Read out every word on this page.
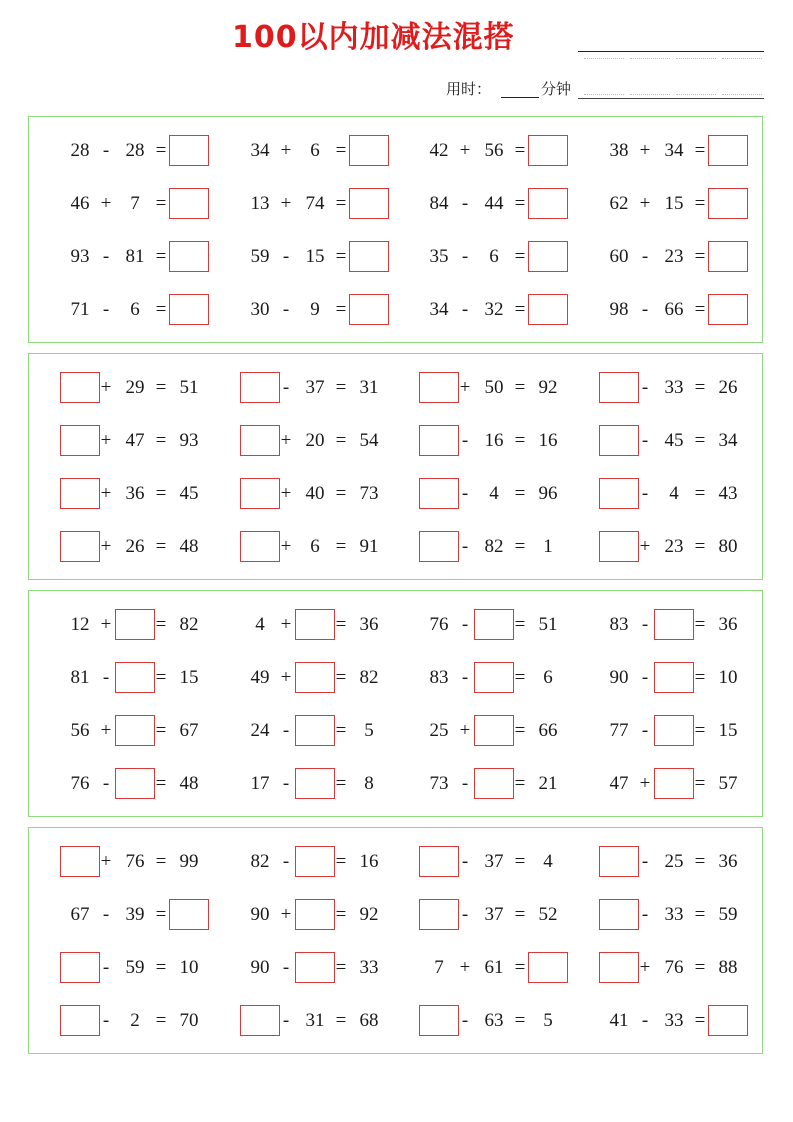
100以内加减法混搭
用时：	分钟
28 - 28 =	34 + 6 =	42 + 56 =	38 + 34 =
46 + 7 =	13 + 74 =	84 - 44 =	62 + 15 =
93 - 81 =	59 - 15 =	35 - 6 =	60 - 23 =
71 - 6 =	30 - 9 =	34 - 32 =	98 - 66 =
+ 29 = 51	- 37 = 31	+ 50 = 92	- 33 = 26
+ 47 = 93	+ 20 = 54	- 16 = 16	- 45 = 34
+ 36 = 45	+ 40 = 73	- 4 = 96	- 4 = 43
+ 26 = 48	+ 6 = 91	- 82 = 1	+ 23 = 80
12 + = 82	4 + = 36	76 - = 51	83 - = 36
81 - = 15	49 + = 82	83 - = 6	90 - = 10
56 + = 67	24 - = 5	25 + = 66	77 - = 15
76 - = 48	17 - = 8	73 - = 21	47 + = 57
+ 76 = 99	82 - = 16	- 37 = 4	- 25 = 36
67 - 39 =	90 + = 92	- 37 = 52	- 33 = 59
- 59 = 10	90 - = 33	7 + 61 =	+ 76 = 88
- 2 = 70	- 31 = 68	- 63 = 5	41 - 33 =
